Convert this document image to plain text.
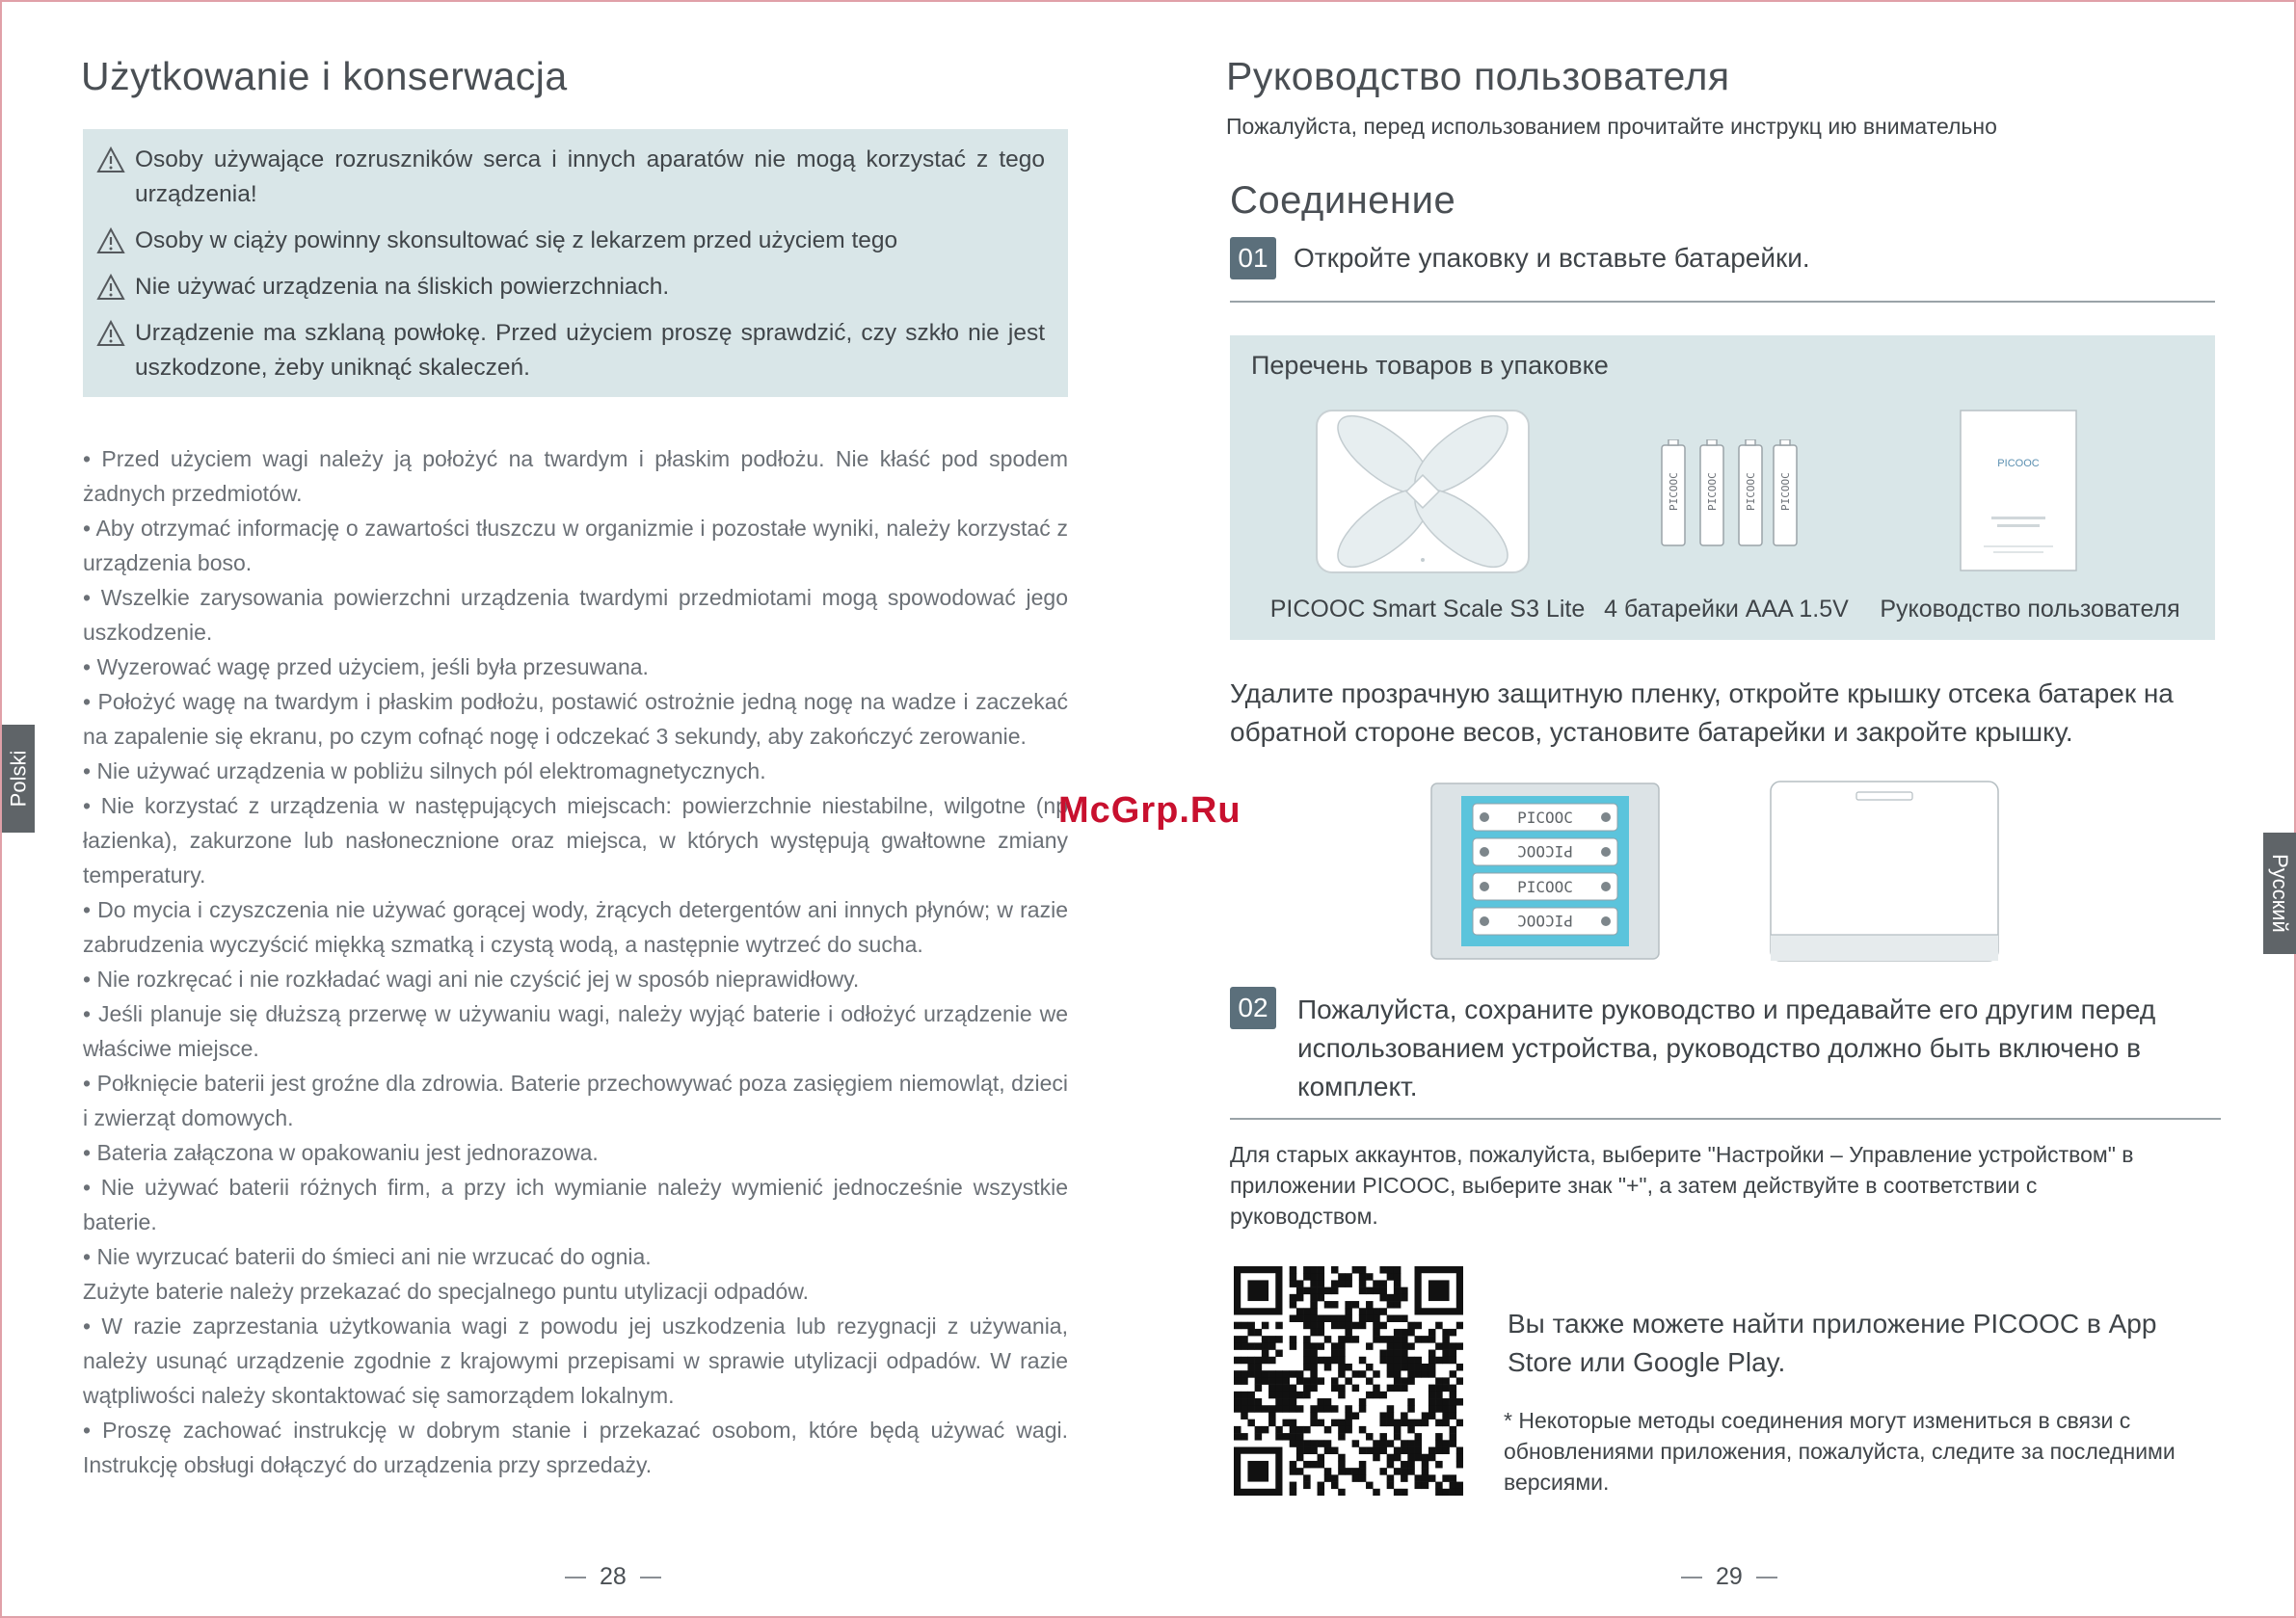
Użytkowanie i konserwacja
Osoby używające rozruszników serca i innych aparatów nie mogą korzystać z tego urządzenia!
Osoby w ciąży powinny skonsultować się z lekarzem przed użyciem tego
Nie używać urządzenia na śliskich powierzchniach.
Urządzenie ma szklaną powłokę. Przed użyciem proszę sprawdzić, czy szkło nie jest uszkodzone, żeby uniknąć skaleczeń.

• Przed użyciem wagi należy ją położyć na twardym i płaskim podłożu. Nie kłaść pod spodem żadnych przedmiotów.

• Aby otrzymać informację o zawartości tłuszczu w organizmie i pozostałe wyniki, należy korzystać z urządzenia boso.

• Wszelkie zarysowania powierzchni urządzenia twardymi przedmiotami mogą spowodować jego uszkodzenie.

• Wyzerować wagę przed użyciem, jeśli była przesuwana.

• Położyć wagę na twardym i płaskim podłożu, postawić ostrożnie jedną nogę na wadze i zaczekać na zapalenie się ekranu, po czym cofnąć nogę i odczekać 3 sekundy, aby zakończyć zerowanie.

• Nie używać urządzenia w pobliżu silnych pól elektromagnetycznych.

• Nie korzystać z urządzenia w następujących miejscach: powierzchnie niestabilne, wilgotne (np łazienka), zakurzone lub nasłonecznione oraz miejsca, w których występują gwałtowne zmiany temperatury.

• Do mycia i czyszczenia nie używać gorącej wody, żrących detergentów ani innych płynów; w razie zabrudzenia wyczyścić miękką szmatką i czystą wodą, a następnie wytrzeć do sucha.

• Nie rozkręcać i nie rozkładać wagi ani nie czyścić jej w sposób nieprawidłowy.

• Jeśli planuje się dłuższą przerwę w używaniu wagi, należy wyjąć baterie i odłożyć urządzenie we właściwe miejsce.

• Połknięcie baterii jest groźne dla zdrowia. Baterie przechowywać poza zasięgiem niemowląt, dzieci i zwierząt domowych.

• Bateria załączona w opakowaniu jest jednorazowa.

• Nie używać baterii różnych firm, a przy ich wymianie należy wymienić jednocześnie wszystkie baterie.

• Nie wyrzucać baterii do śmieci ani nie wrzucać do ognia.

Zużyte baterie należy przekazać do specjalnego puntu utylizacji odpadów.

• W razie zaprzestania użytkowania wagi z powodu jej uszkodzenia lub rezygnacji z używania, należy usunąć urządzenie zgodnie z krajowymi przepisami w sprawie utylizacji odpadów. W razie wątpliwości należy skontaktować się samorządem lokalnym.

• Proszę zachować instrukcję w dobrym stanie i przekazać osobom, które będą używać wagi. Instrukcję obsługi dołączyć do urządzenia przy sprzedaży.

Polski
28
Руководство пользователя
Пожалуйста, перед использованием прочитайте инструкц ию внимательно
Соединение
01 Откройте упаковку и вставьте батарейки.
Перечень товаров в упаковке
PICOOC PICOOC PICOOC PICOOC
PICOOC
PICOOC Smart Scale S3 Lite 4 батарейки AAA 1.5V	Руководство пользователя
Удалите прозрачную защитную пленку, откройте крышку отсека батарек на обратной стороне весов, установите батарейки и закройте крышку.
PICOOC
PICOOC
PICOOC
PICOOC
02	Пожалуйста, сохраните руководство и предавайте его другим перед использованием устройства, руководство должно быть включено в комплект.
Для старых аккаунтов, пожалуйста, выберите "Настройки – Управление устройством" в приложении PICOOC, выберите знак "+", а затем действуйте в соответствии с руководством.
Вы также можете найти приложение PICOOC в App Store или Google Play.
* Некоторые методы соединения могут измениться в связи с обновлениями приложения, пожалуйста, следите за последними версиями.
Русский
29
McGrp.Ru
